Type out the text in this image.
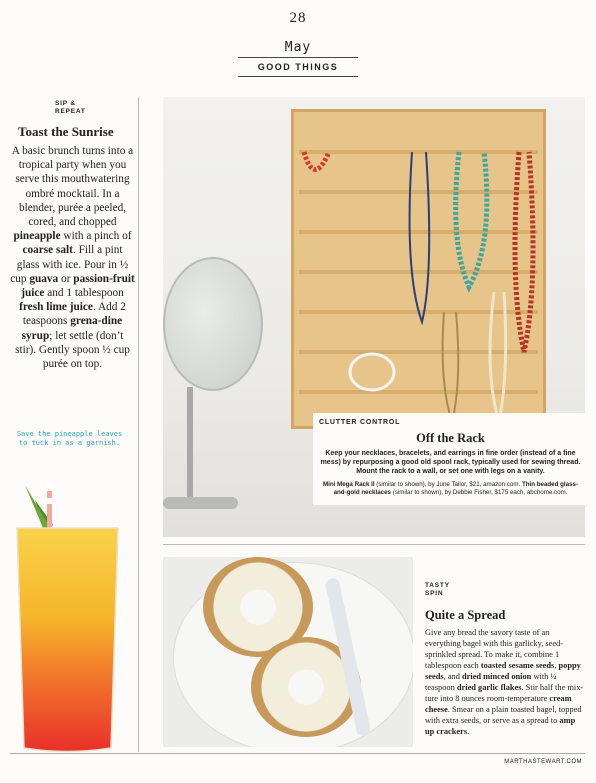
28
May
GOOD THINGS
SIP &
REPEAT
Toast the Sunrise
A basic brunch turns into a tropical party when you serve this mouthwatering ombré mocktail. In a blender, purée a peeled, cored, and chopped pineapple with a pinch of coarse salt. Fill a pint glass with ice. Pour in ½ cup guava or passion-fruit juice and 1 tablespoon fresh lime juice. Add 2 teaspoons grena-dine syrup; let settle (don’t stir). Gently spoon ½ cup purée on top.
Save the pineapple leaves to tuck in as a garnish.
CLUTTER CONTROL
Off the Rack
Keep your necklaces, bracelets, and earrings in fine order (instead of a fine mess) by repurposing a good old spool rack, typically used for sewing thread. Mount the rack to a wall, or set one with legs on a vanity.
Mini Mega Rack II (similar to shown), by June Tailor, $21, amazon.com. Thin beaded glass-and-gold necklaces (similar to shown), by Debbie Fisher, $175 each, abchome.com.
TASTY
SPIN
Quite a Spread
Give any bread the savory taste of an everything bagel with this garlicky, seed-sprinkled spread. To make it, combine 1 tablespoon each toasted sesame seeds, poppy seeds, and dried minced onion with ¼ teaspoon dried garlic flakes. Stir half the mix-ture into 8 ounces room-temperature cream cheese. Smear on a plain toasted bagel, topped with extra seeds, or serve as a spread to amp up crackers.
MARTHASTEWART.COM
